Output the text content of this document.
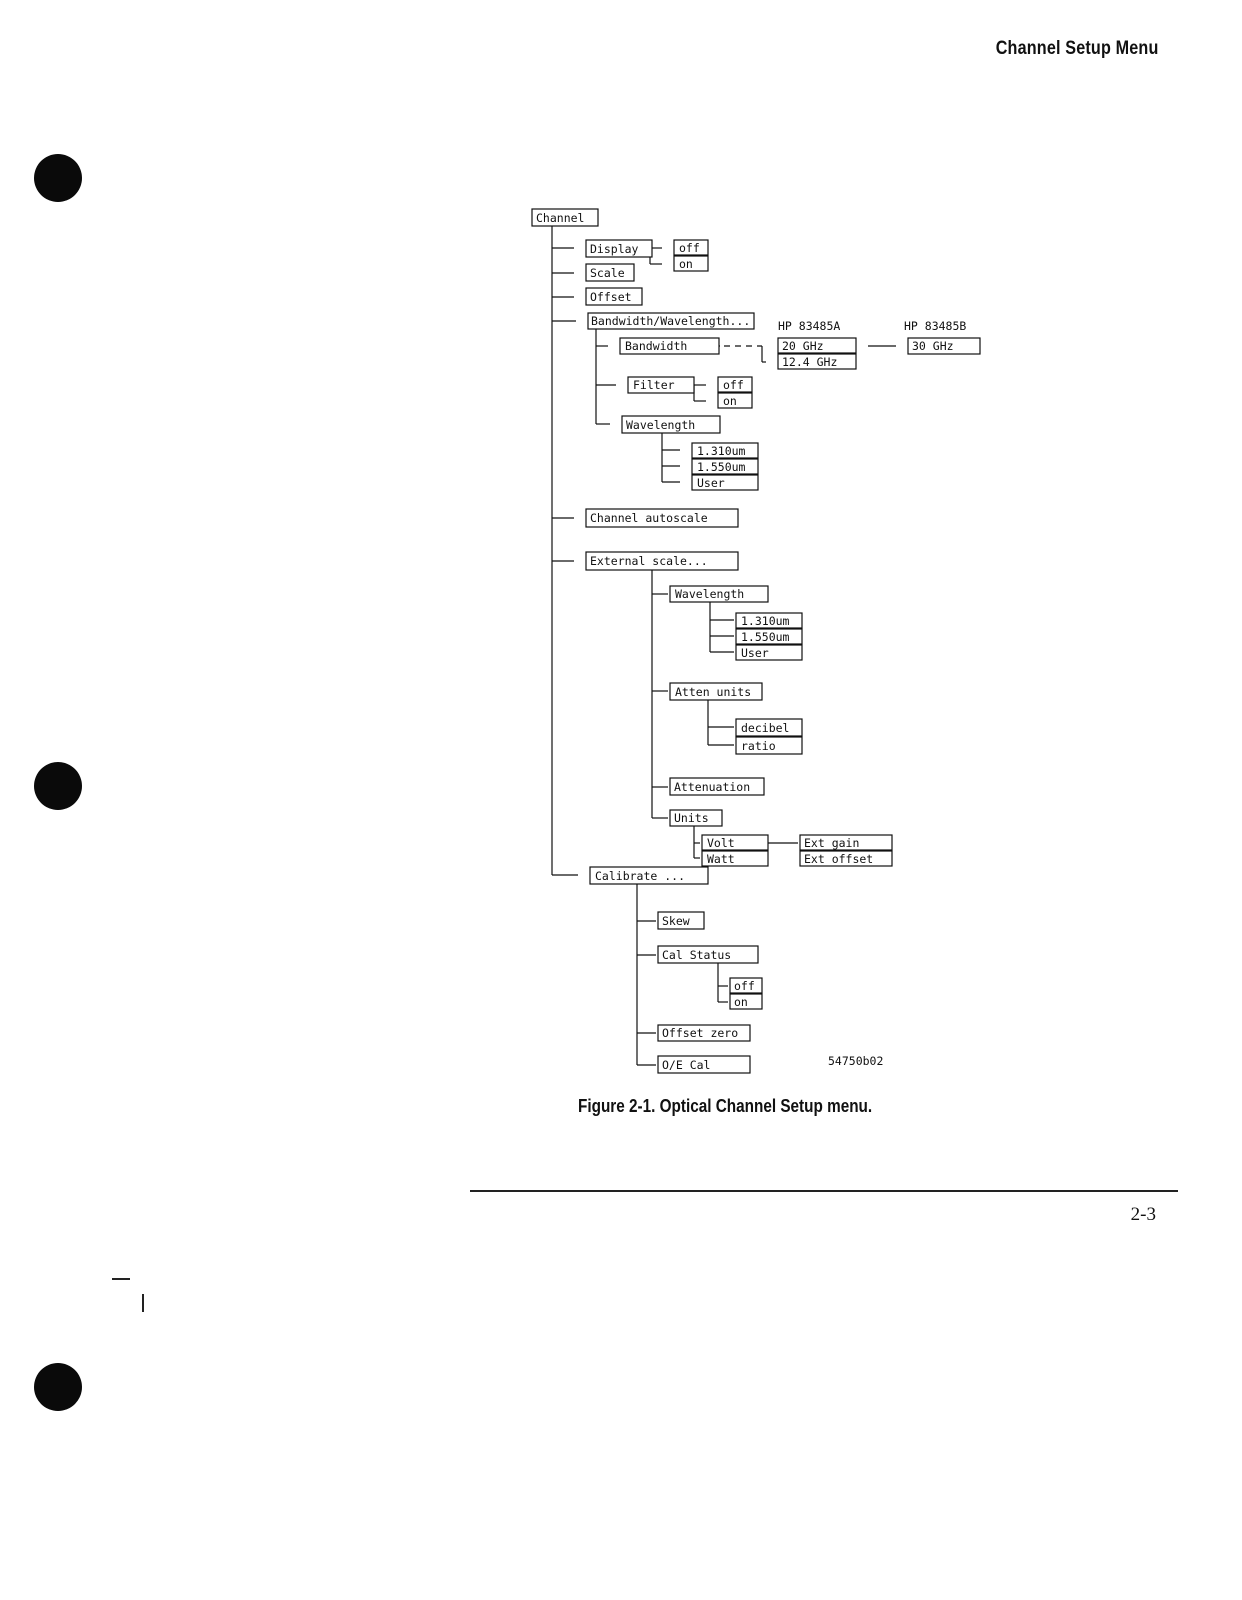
Channel Setup Menu
Channel
Display	off
on
Scale
Offset
Bandwidth/Wavelength...
Bandwidth	20 GHz
12.4 GHz
30 GHz
HP 83485A	HP 83485B
Filter	off
on
Wavelength
1.310um
1.550um
User
Channel autoscale
External scale...
Wavelength
1.310um
1.550um
User
Atten units
decibel
ratio
Attenuation
Units
Volt
Watt
Ext gain
Ext offset
Calibrate ...
Skew
Cal Status
off
on
Offset zero
O/E Cal	54750b02
Figure 2-1. Optical Channel Setup menu.
2-3
